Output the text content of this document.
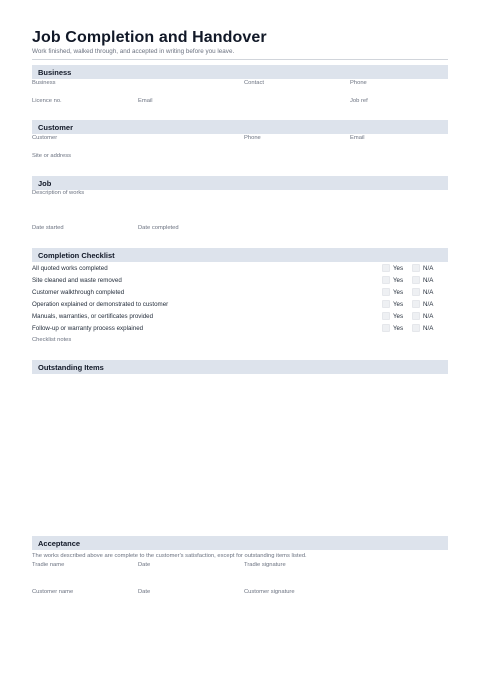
Job Completion and Handover
Work finished, walked through, and accepted in writing before you leave.
Business
Business	Contact	Phone
Licence no.	Email	Job ref
Customer
Customer	Phone	Email
Site or address
Job
Description of works
Date started	Date completed
Completion Checklist
All quoted works completed	Yes	N/A
Site cleaned and waste removed	Yes	N/A
Customer walkthrough completed	Yes	N/A
Operation explained or demonstrated to customer	Yes	N/A
Manuals, warranties, or certificates provided	Yes	N/A
Follow-up or warranty process explained	Yes	N/A
Checklist notes
Outstanding Items
Acceptance
The works described above are complete to the customer's satisfaction, except for outstanding items listed.
Tradie name	Date	Tradie signature
Customer name	Date	Customer signature
